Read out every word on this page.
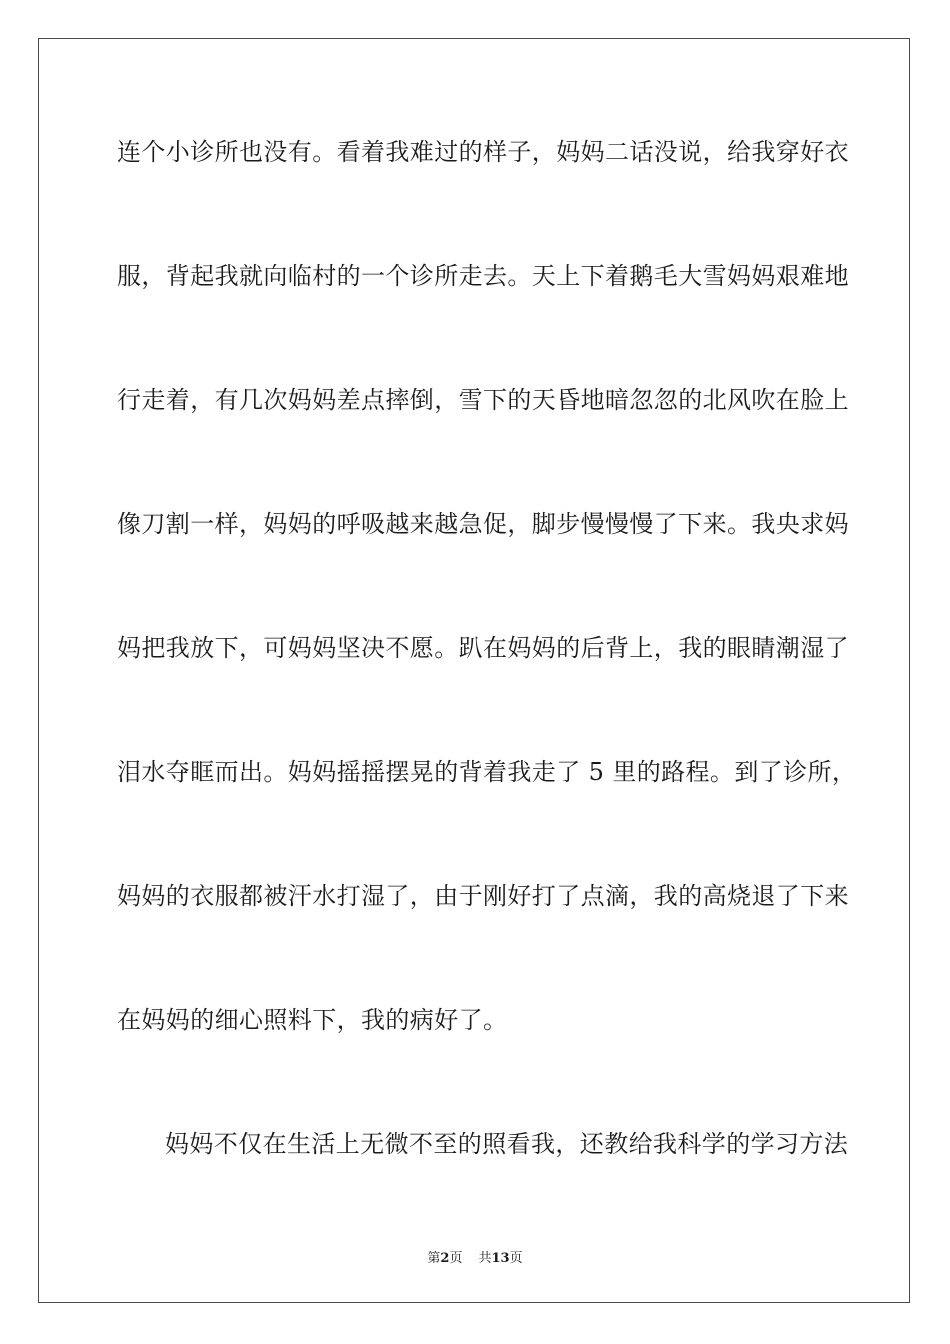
连个小诊所也没有。看着我难过的样子，妈妈二话没说，给我穿好衣
服，背起我就向临村的一个诊所走去。天上下着鹅毛大雪妈妈艰难地
行走着，有几次妈妈差点摔倒，雪下的天昏地暗忽忽的北风吹在脸上
像刀割一样，妈妈的呼吸越来越急促，脚步慢慢慢了下来。我央求妈
妈把我放下，可妈妈坚决不愿。趴在妈妈的后背上，我的眼睛潮湿了
泪水夺眶而出。妈妈摇摇摆晃的背着我走了 5 里的路程。到了诊所，
妈妈的衣服都被汗水打湿了，由于刚好打了点滴，我的高烧退了下来
在妈妈的细心照料下，我的病好了。
妈妈不仅在生活上无微不至的照看我，还教给我科学的学习方法
第2页 共13页
